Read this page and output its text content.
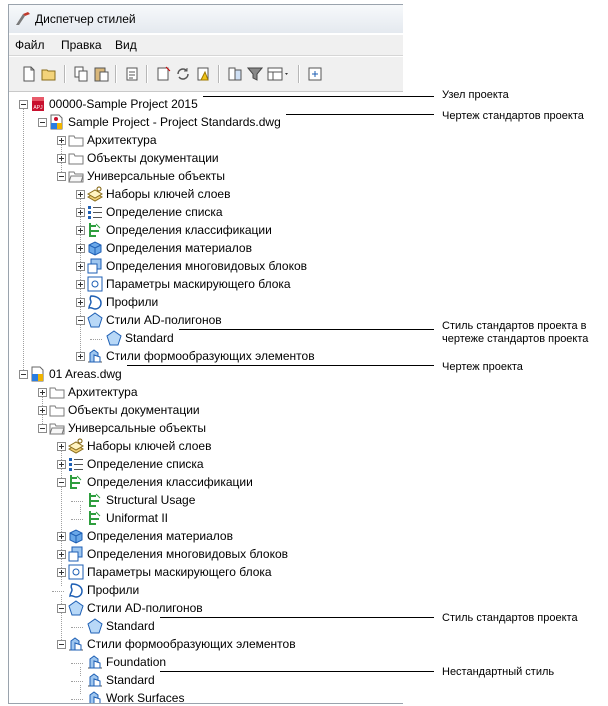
Диспетчер стилей
Файл Правка Вид
APJ 00000-Sample Project 2015
Sample Project - Project Standards.dwg
Архитектура
Объекты документации
Универсальные объекты
Наборы ключей слоев
Определение списка
Определения классификации
Определения материалов
Определения многовидовых блоков
Параметры маскирующего блока
Профили
Стили AD-полигонов
Standard
Стили формообразующих элементов
01 Areas.dwg
Архитектура
Объекты документации
Универсальные объекты
Наборы ключей слоев
Определение списка
Определения классификации
Structural Usage
Uniformat II
Определения материалов
Определения многовидовых блоков
Параметры маскирующего блока
Профили
Стили AD-полигонов
Standard
Стили формообразующих элементов
Foundation
Standard
Work Surfaces
Узел проекта
Чертеж стандартов проекта
Стиль стандартов проекта в
чертеже стандартов проекта
Чертеж проекта
Стиль стандартов проекта
Нестандартный стиль
